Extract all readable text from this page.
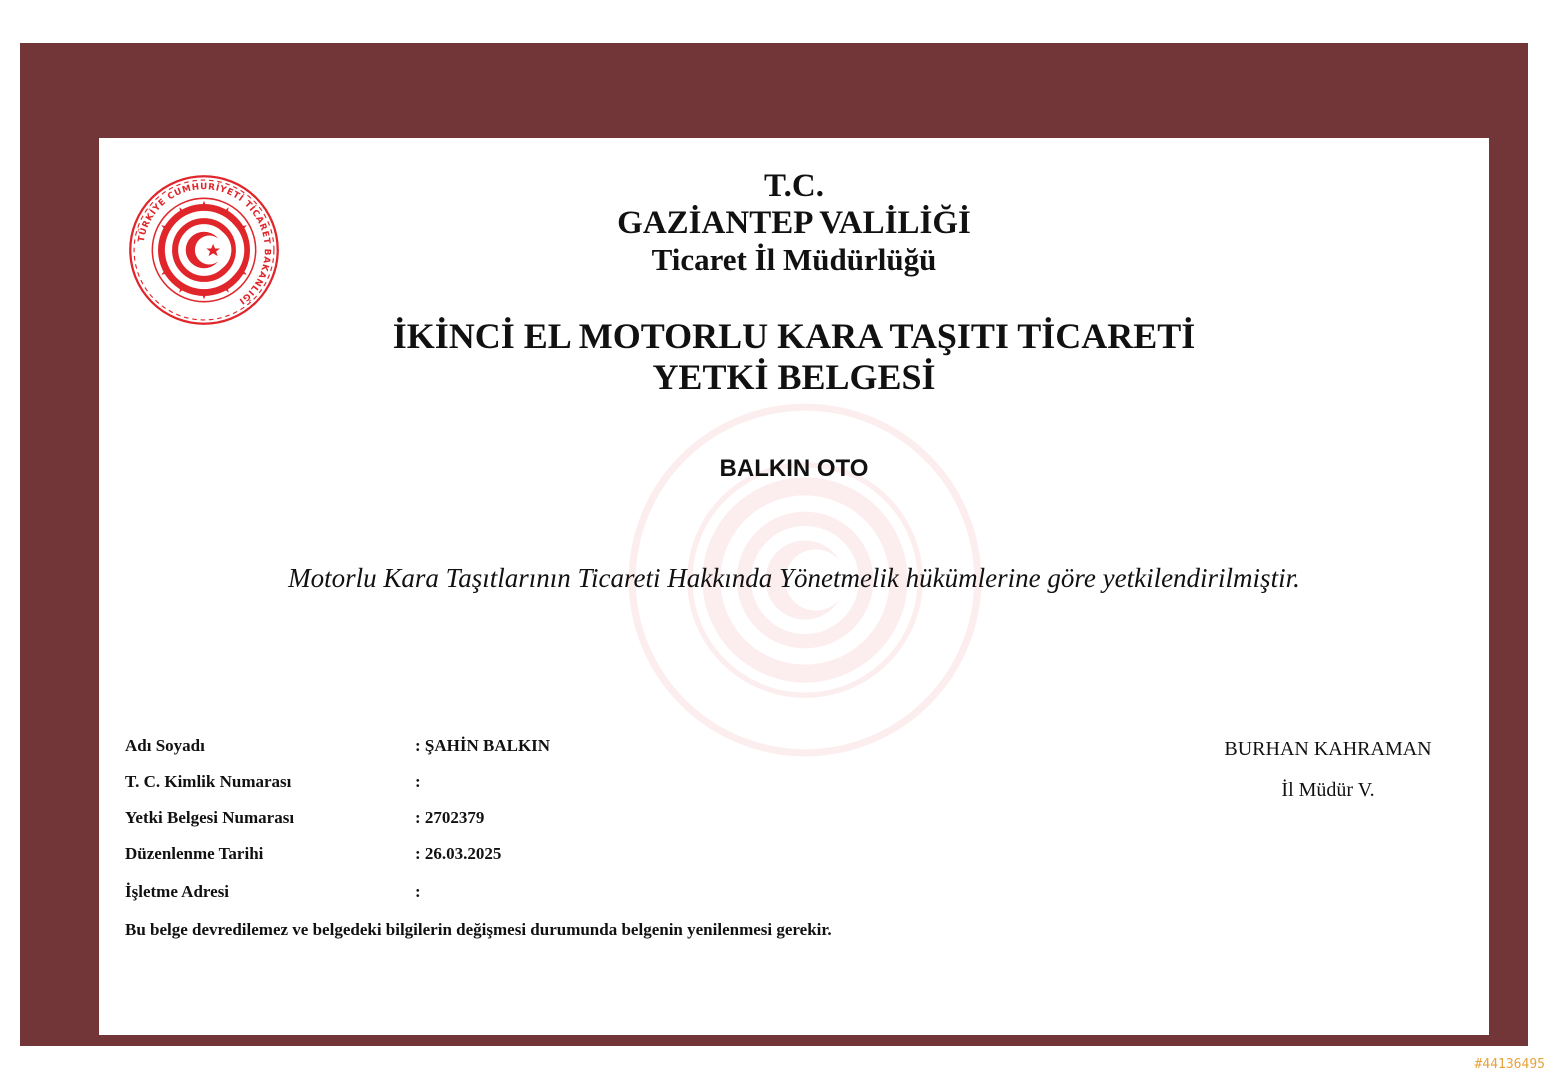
TÜRKİYE CUMHURİYETİ TİCARET BAKANLIĞI
T.C.
GAZİANTEP VALİLİĞİ
Ticaret İl Müdürlüğü
İKİNCİ EL MOTORLU KARA TAŞITI TİCARETİ
YETKİ BELGESİ
BALKIN OTO
Motorlu Kara Taşıtlarının Ticareti Hakkında Yönetmelik hükümlerine göre yetkilendirilmiştir.
Adı Soyadı	: ŞAHİN BALKIN
T. C. Kimlik Numarası	:
Yetki Belgesi Numarası	: 2702379
Düzenlenme Tarihi	: 26.03.2025
İşletme Adresi	:
Bu belge devredilemez ve belgedeki bilgilerin değişmesi durumunda belgenin yenilenmesi gerekir.
BURHAN KAHRAMAN
İl Müdür V.
#44136495
